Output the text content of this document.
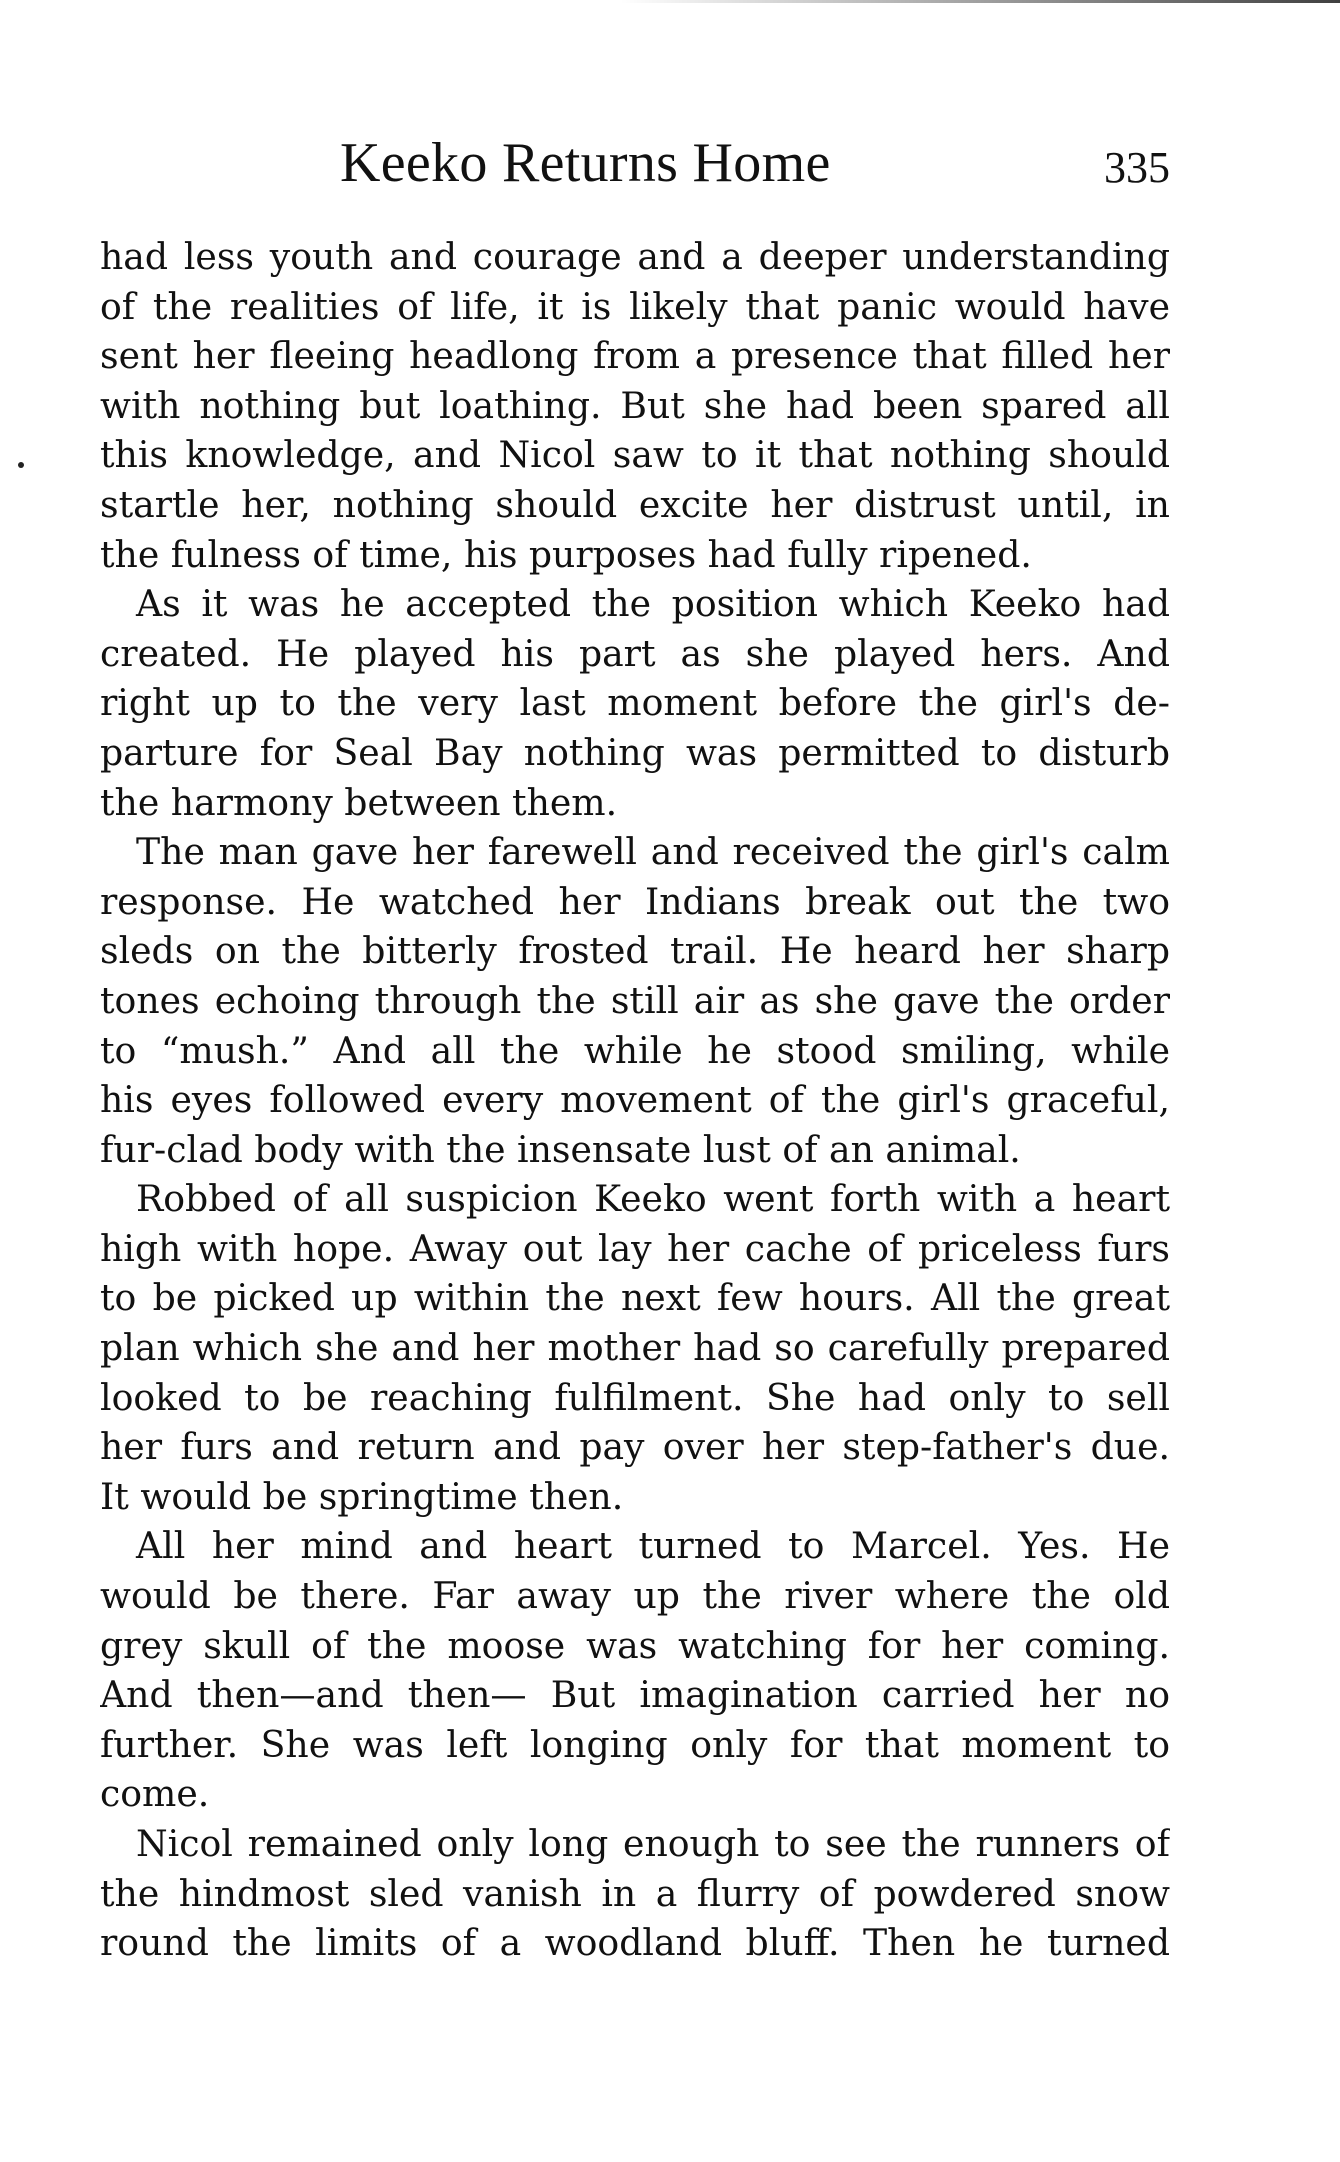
Keeko Returns Home	335

had less youth and courage and a deeper understanding
of the realities of life, it is likely that panic would have
sent her fleeing headlong from a presence that filled her
with nothing but loathing. But she had been spared all
this knowledge, and Nicol saw to it that nothing should
startle her, nothing should excite her distrust until, in
the fulness of time, his purposes had fully ripened.

As it was he accepted the position which Keeko had
created. He played his part as she played hers. And
right up to the very last moment before the girl's de-
parture for Seal Bay nothing was permitted to disturb
the harmony between them.

The man gave her farewell and received the girl's calm
response. He watched her Indians break out the two
sleds on the bitterly frosted trail. He heard her sharp
tones echoing through the still air as she gave the order
to “mush.” And all the while he stood smiling, while
his eyes followed every movement of the girl's graceful,
fur-clad body with the insensate lust of an animal.

Robbed of all suspicion Keeko went forth with a heart
high with hope. Away out lay her cache of priceless furs
to be picked up within the next few hours. All the great
plan which she and her mother had so carefully prepared
looked to be reaching fulfilment. She had only to sell
her furs and return and pay over her step-father's due.
It would be springtime then.

All her mind and heart turned to Marcel. Yes. He
would be there. Far away up the river where the old
grey skull of the moose was watching for her coming.
And then—and then— But imagination carried her no
further. She was left longing only for that moment to
come.

Nicol remained only long enough to see the runners of
the hindmost sled vanish in a flurry of powdered snow
round the limits of a woodland bluff. Then he turned
